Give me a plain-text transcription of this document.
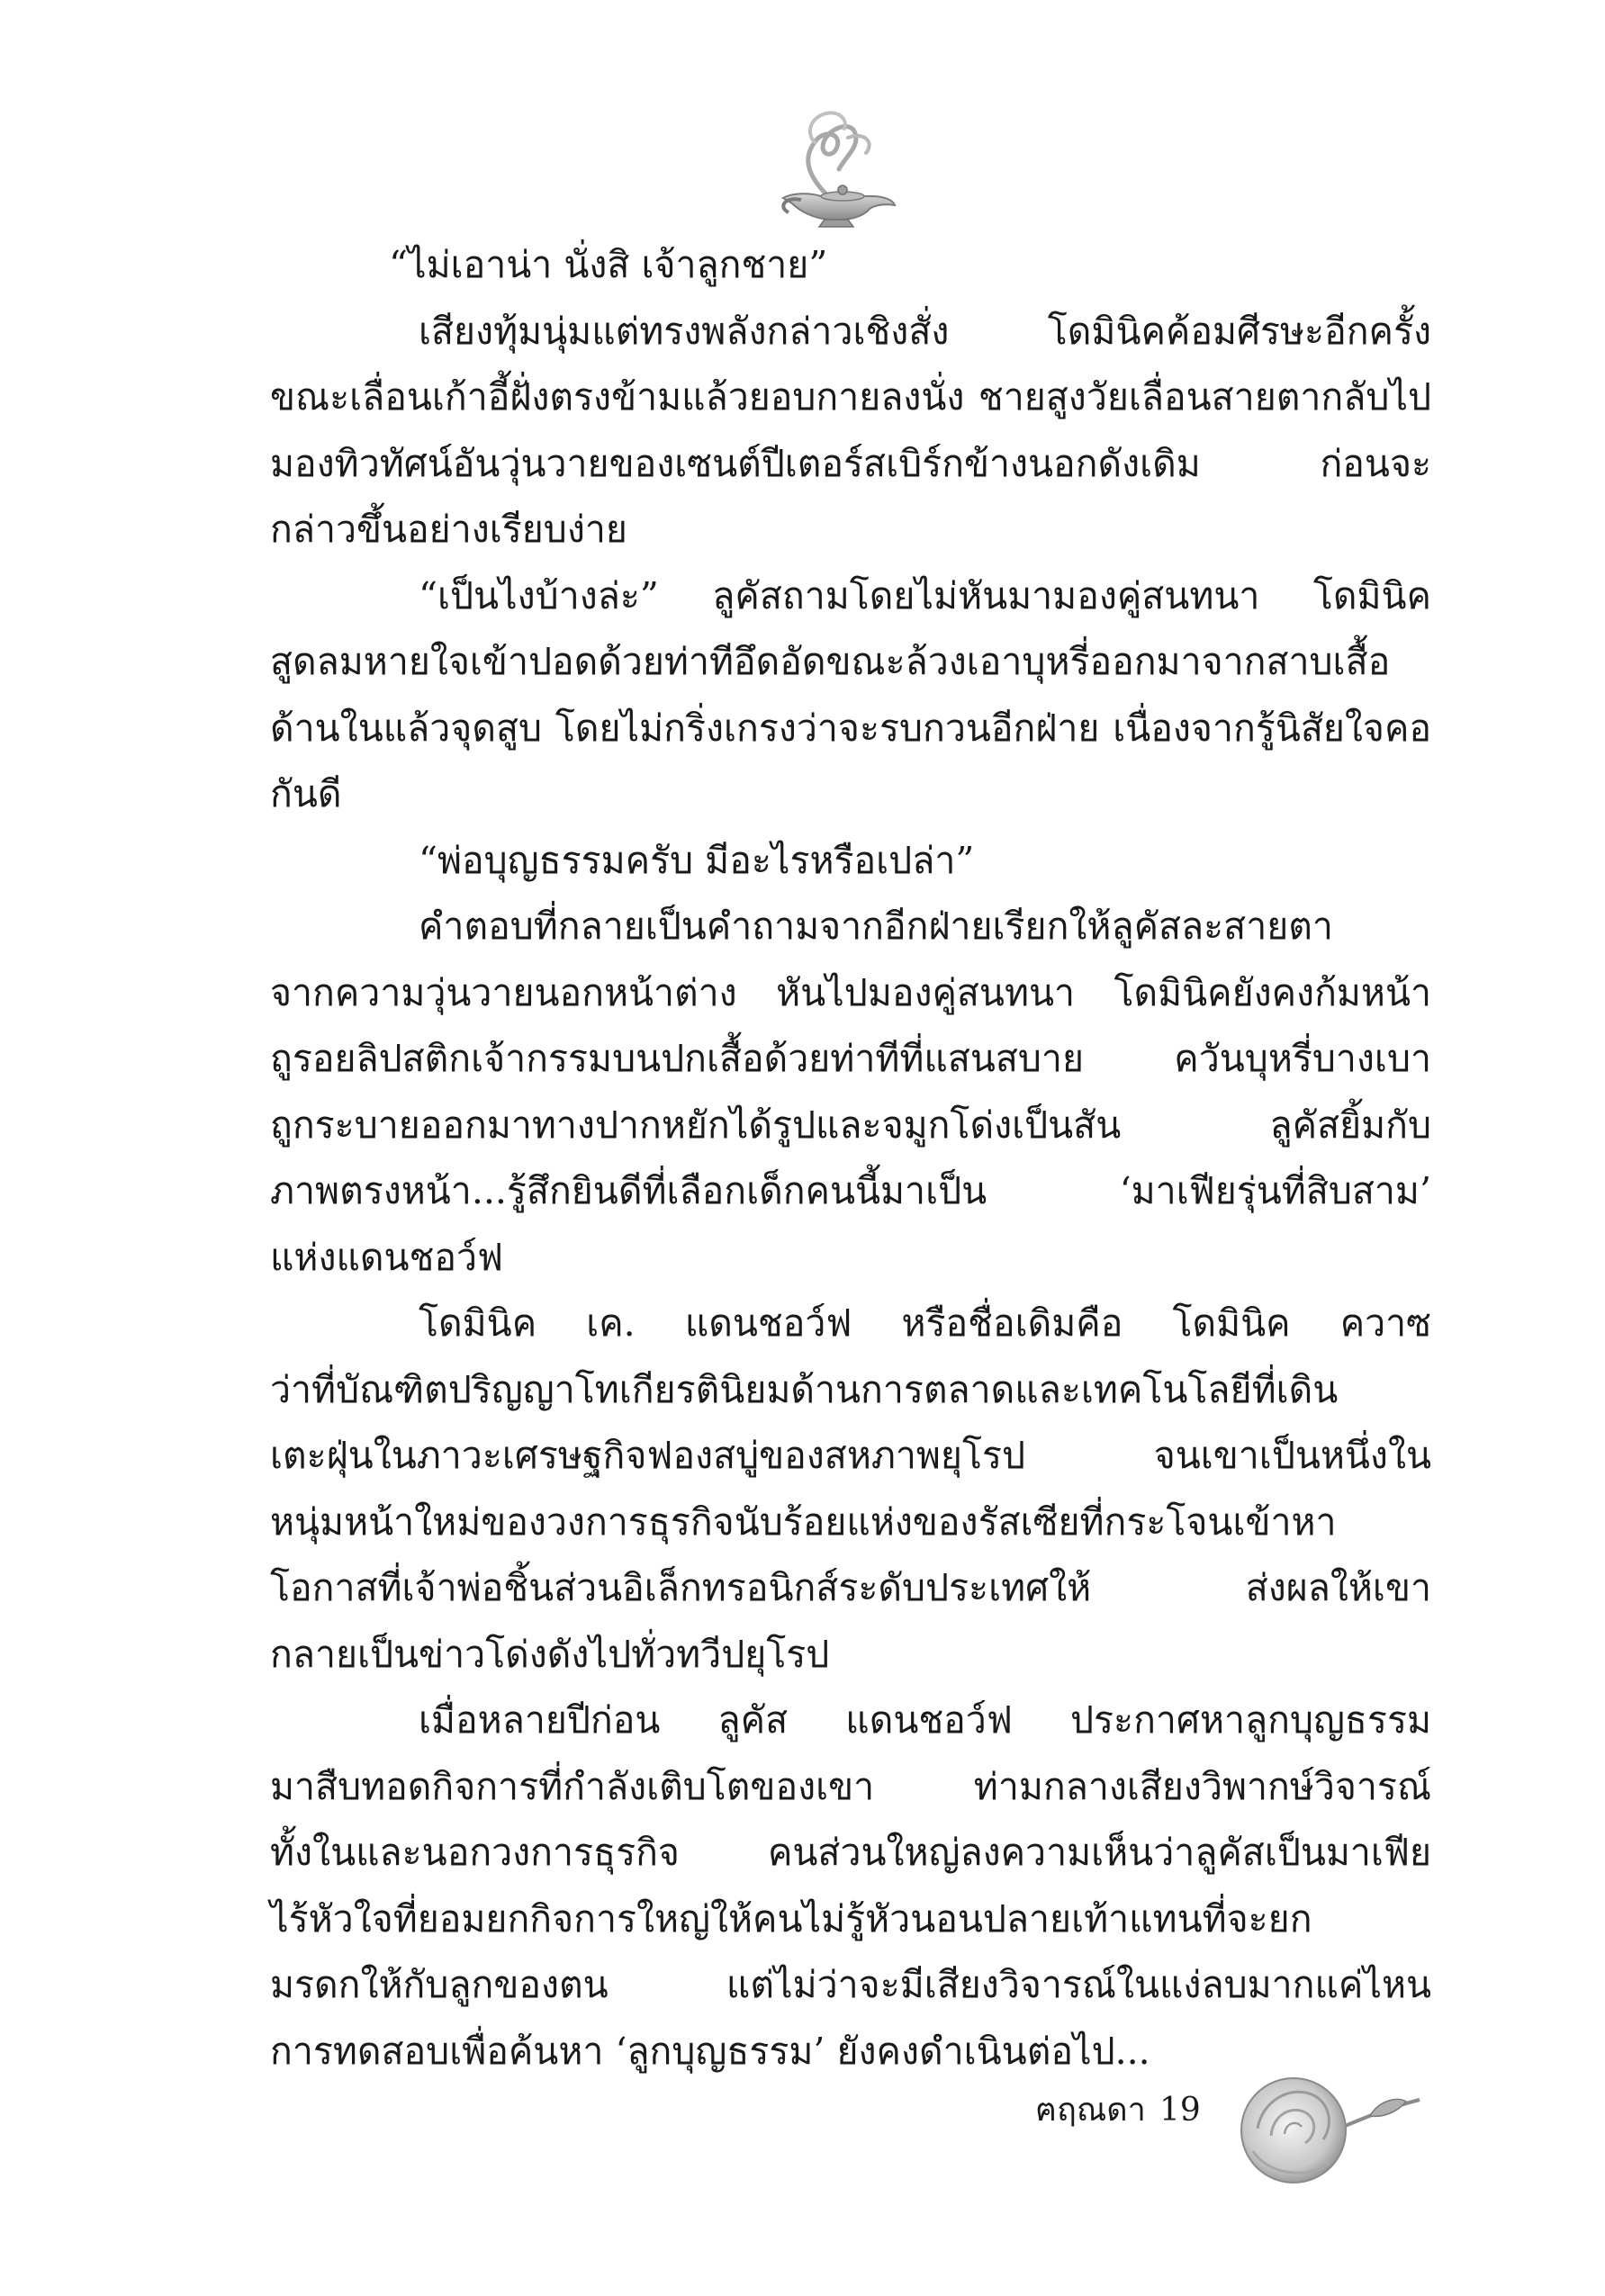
“ไม่เอาน่า นั่งสิ เจ้าลูกชาย”
เสียงทุ้มนุ่มแต่ทรงพลังกล่าวเชิงสั่ง โดมินิคค้อมศีรษะอีกครั้ง
ขณะเลื่อนเก้าอี้ฝั่งตรงข้ามแล้วยอบกายลงนั่ง ชายสูงวัยเลื่อนสายตากลับไป
มองทิวทัศน์อันวุ่นวายของเซนต์ปีเตอร์สเบิร์กข้างนอกดังเดิม ก่อนจะ
กล่าวขึ้นอย่างเรียบง่าย
“เป็นไงบ้างล่ะ” ลูคัสถามโดยไม่หันมามองคู่สนทนา โดมินิค
สูดลมหายใจเข้าปอดด้วยท่าทีอึดอัดขณะล้วงเอาบุหรี่ออกมาจากสาบเสื้อ
ด้านในแล้วจุดสูบ โดยไม่กริ่งเกรงว่าจะรบกวนอีกฝ่าย เนื่องจากรู้นิสัยใจคอ
กันดี
“พ่อบุญธรรมครับ มีอะไรหรือเปล่า”
คำตอบที่กลายเป็นคำถามจากอีกฝ่ายเรียกให้ลูคัสละสายตา
จากความวุ่นวายนอกหน้าต่าง หันไปมองคู่สนทนา โดมินิคยังคงก้มหน้า
ถูรอยลิปสติกเจ้ากรรมบนปกเสื้อด้วยท่าทีที่แสนสบาย ควันบุหรี่บางเบา
ถูกระบายออกมาทางปากหยักได้รูปและจมูกโด่งเป็นสัน ลูคัสยิ้มกับ
ภาพตรงหน้า...รู้สึกยินดีที่เลือกเด็กคนนี้มาเป็น ‘มาเฟียรุ่นที่สิบสาม’
แห่งแดนชอว์ฟ
โดมินิค เค. แดนชอว์ฟ หรือชื่อเดิมคือ โดมินิค ควาซ
ว่าที่บัณฑิตปริญญาโทเกียรตินิยมด้านการตลาดและเทคโนโลยีที่เดิน
เตะฝุ่นในภาวะเศรษฐกิจฟองสบู่ของสหภาพยุโรป จนเขาเป็นหนึ่งใน
หนุ่มหน้าใหม่ของวงการธุรกิจนับร้อยแห่งของรัสเซียที่กระโจนเข้าหา
โอกาสที่เจ้าพ่อชิ้นส่วนอิเล็กทรอนิกส์ระดับประเทศให้ ส่งผลให้เขา
กลายเป็นข่าวโด่งดังไปทั่วทวีปยุโรป
เมื่อหลายปีก่อน ลูคัส แดนชอว์ฟ ประกาศหาลูกบุญธรรม
มาสืบทอดกิจการที่กำลังเติบโตของเขา ท่ามกลางเสียงวิพากษ์วิจารณ์
ทั้งในและนอกวงการธุรกิจ คนส่วนใหญ่ลงความเห็นว่าลูคัสเป็นมาเฟีย
ไร้หัวใจที่ยอมยกกิจการใหญ่ให้คนไม่รู้หัวนอนปลายเท้าแทนที่จะยก
มรดกให้กับลูกของตน แต่ไม่ว่าจะมีเสียงวิจารณ์ในแง่ลบมากแค่ไหน
การทดสอบเพื่อค้นหา ‘ลูกบุญธรรม’ ยังคงดำเนินต่อไป...
ฅฤณดา 19
